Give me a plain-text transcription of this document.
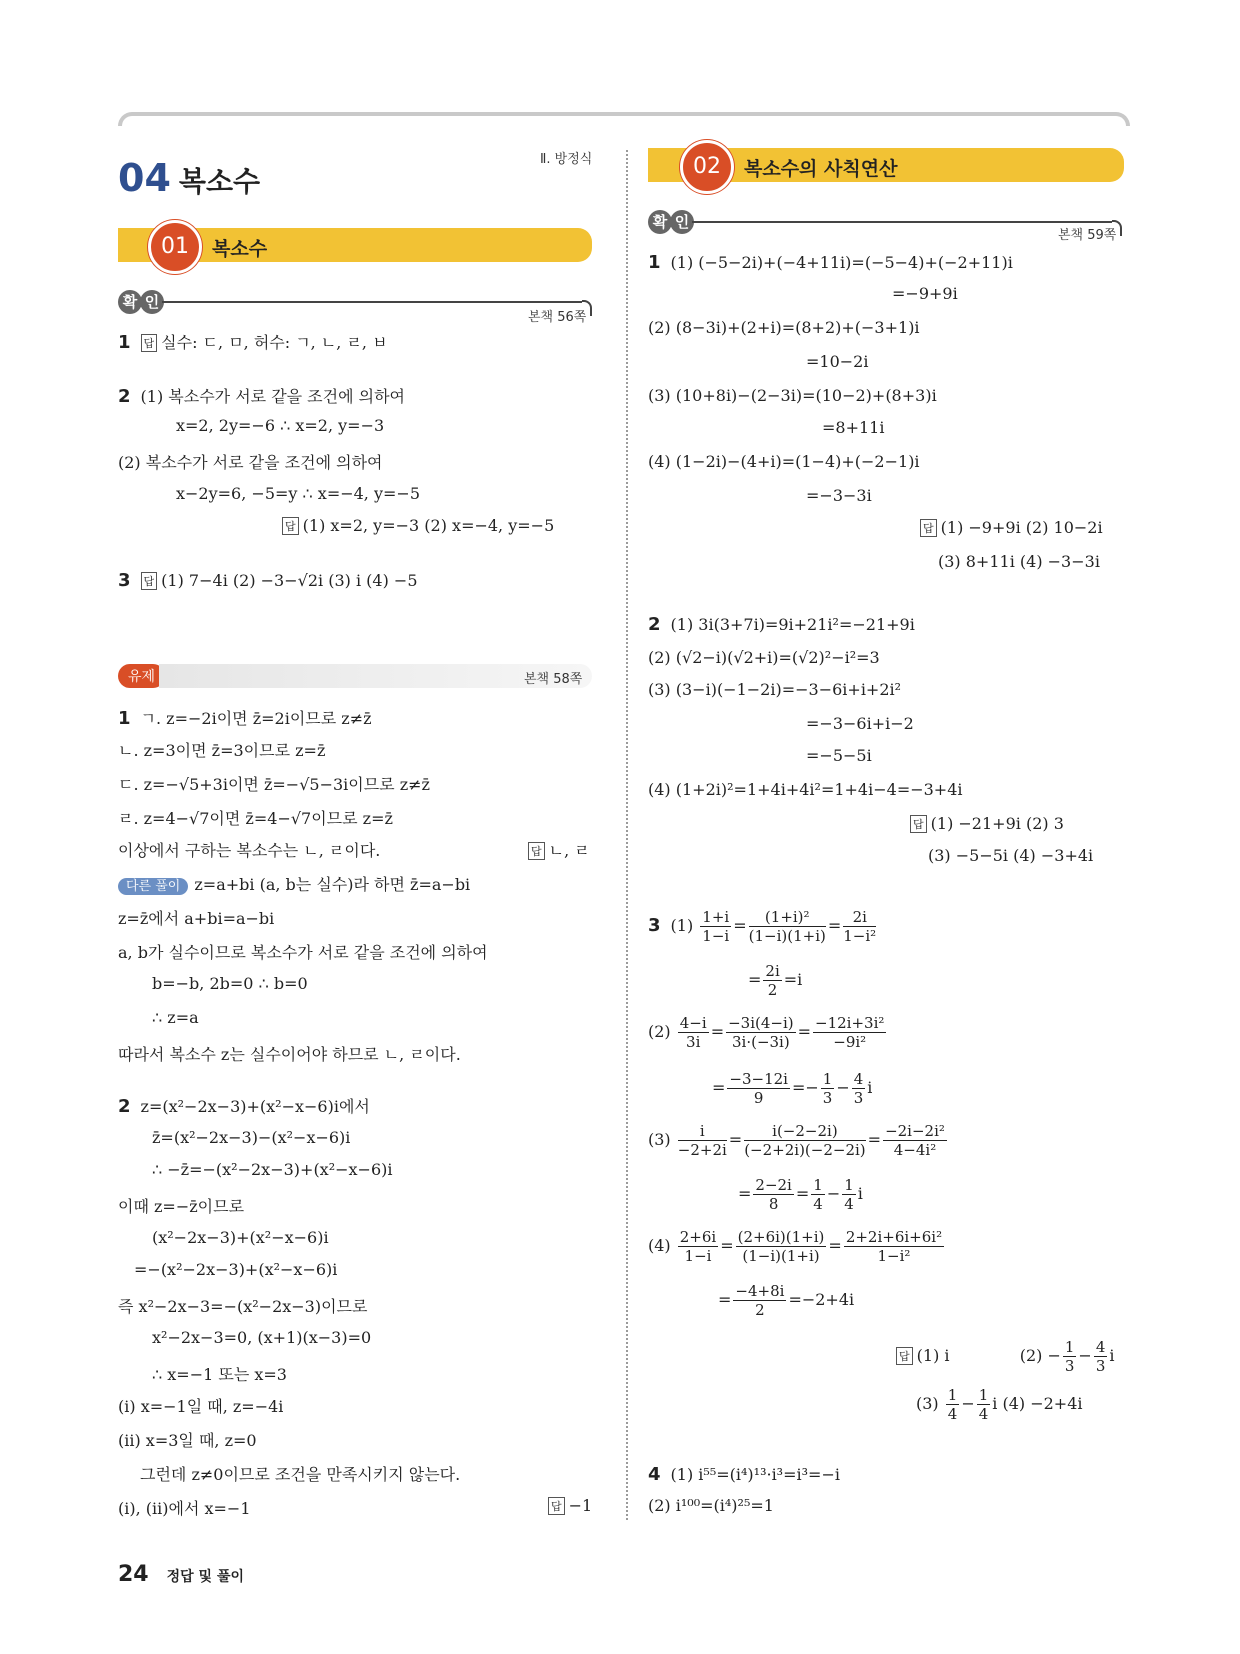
04 복소수
Ⅱ. 방정식
01	복소수
확 인
본책 56쪽
1 답 실수: ㄷ, ㅁ, 허수: ㄱ, ㄴ, ㄹ, ㅂ
2 (1) 복소수가 서로 같을 조건에 의하여
x=2, 2y=−6 ∴ x=2, y=−3
(2) 복소수가 서로 같을 조건에 의하여
x−2y=6, −5=y ∴ x=−4, y=−5
답 (1) x=2, y=−3 (2) x=−4, y=−5
3 답 (1) 7−4i (2) −3−√2i (3) i (4) −5
유제	본책 58쪽
1 ㄱ. z=−2i이면 z̄=2i이므로 z≠z̄
ㄴ. z=3이면 z̄=3이므로 z=z̄
ㄷ. z=−√5+3i이면 z̄=−√5−3i이므로 z≠z̄
ㄹ. z=4−√7이면 z̄=4−√7이므로 z=z̄
이상에서 구하는 복소수는 ㄴ, ㄹ이다.	답 ㄴ, ㄹ
다른 풀이 z=a+bi (a, b는 실수)라 하면 z̄=a−bi
z=z̄에서 a+bi=a−bi
a, b가 실수이므로 복소수가 서로 같을 조건에 의하여
b=−b, 2b=0 ∴ b=0
∴ z=a
따라서 복소수 z는 실수이어야 하므로 ㄴ, ㄹ이다.
2 z=(x²−2x−3)+(x²−x−6)i에서
z̄=(x²−2x−3)−(x²−x−6)i
∴ −z̄=−(x²−2x−3)+(x²−x−6)i
이때 z=−z̄이므로
(x²−2x−3)+(x²−x−6)i
=−(x²−2x−3)+(x²−x−6)i
즉 x²−2x−3=−(x²−2x−3)이므로
x²−2x−3=0, (x+1)(x−3)=0
∴ x=−1 또는 x=3
(i) x=−1일 때, z=−4i
(ii) x=3일 때, z=0
그런데 z≠0이므로 조건을 만족시키지 않는다.
(i), (ii)에서 x=−1	답 −1
02	복소수의 사칙연산
확 인
본책 59쪽
1 (1) (−5−2i)+(−4+11i)=(−5−4)+(−2+11)i
=−9+9i
(2) (8−3i)+(2+i)=(8+2)+(−3+1)i
=10−2i
(3) (10+8i)−(2−3i)=(10−2)+(8+3)i
=8+11i
(4) (1−2i)−(4+i)=(1−4)+(−2−1)i
=−3−3i
답 (1) −9+9i (2) 10−2i
(3) 8+11i (4) −3−3i
2 (1) 3i(3+7i)=9i+21i²=−21+9i
(2) (√2−i)(√2+i)=(√2)²−i²=3
(3) (3−i)(−1−2i)=−3−6i+i+2i²
=−3−6i+i−2
=−5−5i
(4) (1+2i)²=1+4i+4i²=1+4i−4=−3+4i
답 (1) −21+9i (2) 3
(3) −5−5i (4) −3+4i
3 $(1) \frac{1+i}{1-i} = \frac{\text{(1+i)²}}{(1-i)(1+i)} = \frac{2i}{\text{1−i²}}$
= $\frac{2i}{2} =i$
$(2) \frac{4-i}{3i} = \frac{-3i(4-i)}{3i\cdot(-3i)} = \frac{\text{−12i+3i²}}{\text{−9i²}}$
= $\frac{-3-12i}{9} =- \frac{1}{3} - \frac{4}{3}$ i
$(3) \frac{i}{-2+2i} = \frac{i(-2-2i)}{(-2+2i)(-2-2i)} = \frac{\text{−2i−2i²}}{\text{4−4i²}}$
= $\frac{2-2i}{8} = \frac{1}{4} - \frac{1}{4}$ i
$(4) \frac{2+6i}{1-i} = \frac{(2+6i)(1+i)}{(1-i)(1+i)} = \frac{\text{2+2i+6i+6i²}}{\text{1−i²}}$
= $\frac{-4+8i}{2} =-2+4i$
답 (1) i	$(2) - \frac{1}{3} - \frac{4}{3}$ i
$(3) \frac{1}{4} - \frac{1}{4}$ i (4) −2+4i
4 (1) i⁵⁵=(i⁴)¹³·i³=i³=−i
(2) i¹⁰⁰=(i⁴)²⁵=1
24 정답 및 풀이
